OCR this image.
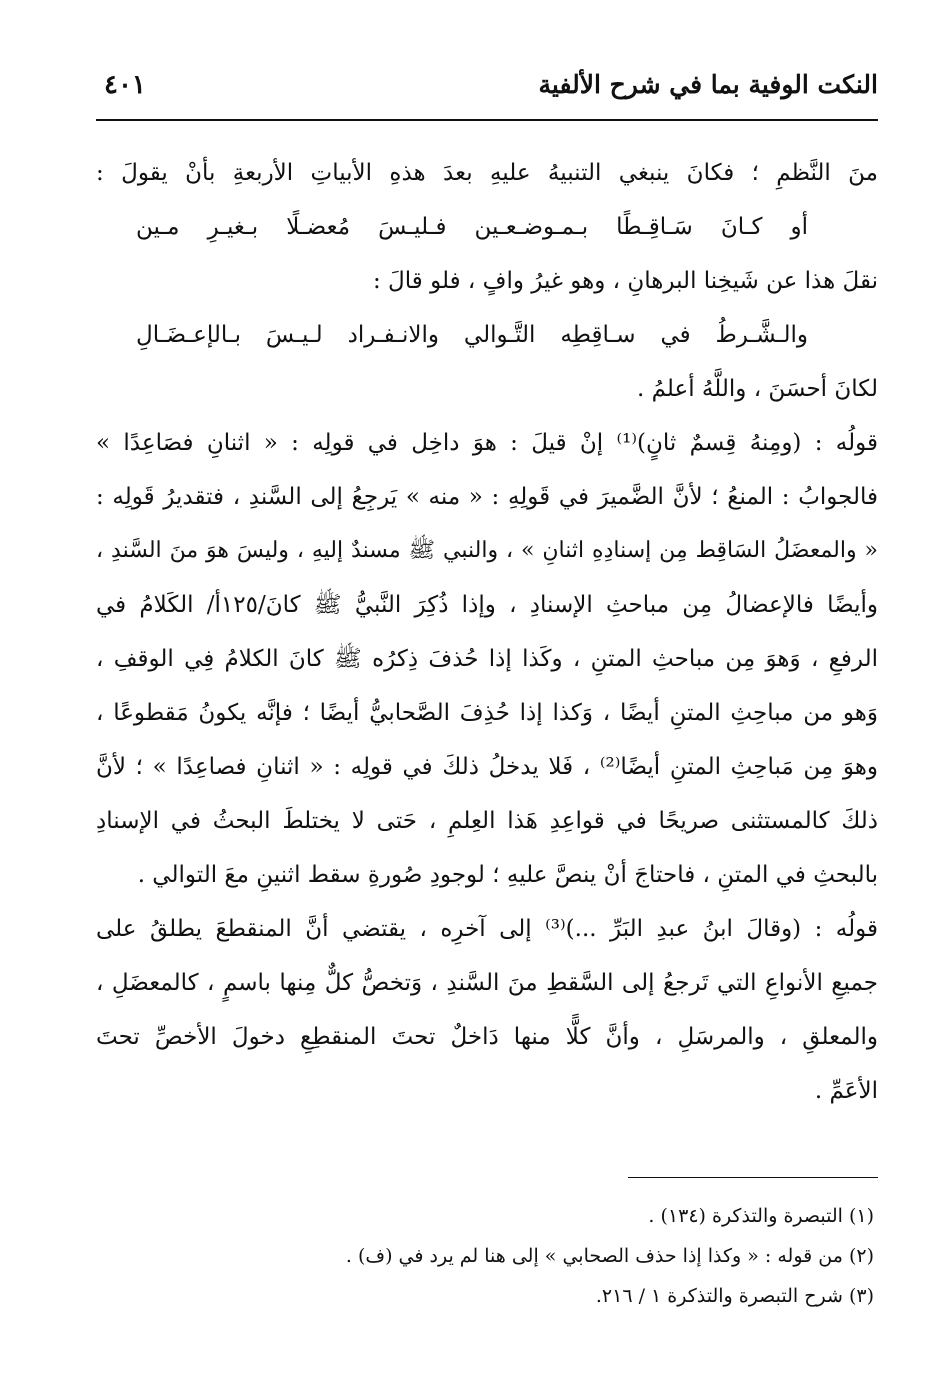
النكت الوفية بما في شرح الألفية
٤٠١
منَ النَّظمِ ؛ فكانَ ينبغي التنبيهُ عليهِ بعدَ هذهِ الأبياتِ الأربعةِ بأنْ يقولَ :
أو كـانَ سَـاقِـطًا بـمـوضـعـين فـليـسَ مُعضـلًا بـغيـرِ مـين
نقلَ هذا عن شَيخِنا البرهانِ ، وهو غيرُ وافٍ ، فلو قالَ :
والـشَّـرطُ في سـاقِطِه التَّـوالي والانـفـراد لـيـسَ بـالإعـضَـالِ
لكانَ أحسَنَ ، واللَّهُ أعلمُ .
قولُه : (ومِنهُ قِسمٌ ثانٍ)⁽¹⁾ إنْ قيلَ : هوَ داخِل في قولِه : « اثنانِ فصَاعِدًا »
فالجوابُ : المنعُ ؛ لأنَّ الضَّميرَ في قَولِهِ : « منه » يَرجِعُ إلى السَّندِ ، فتقديرُ قَولِه :
« والمعضَلُ السَاقِط مِن إسنادِهِ اثنانِ » ، والنبي ﷺ مسندٌ إليهِ ، وليسَ هوَ منَ السَّندِ ،
وأيضًا فالإعضالُ مِن مباحثِ الإسنادِ ، وإذا ذُكِرَ النَّبيُّ ﷺ كانَ/١٢٥أ/ الكَلامُ في
الرفعِ ، وَهوَ مِن مباحثِ المتنِ ، وكَذا إذا حُذفَ ذِكرُه ﷺ كانَ الكلامُ فِي الوقفِ ،
وَهو من مباحِثِ المتنِ أيضًا ، وَكذا إذا حُذِفَ الصَّحابيُّ أيضًا ؛ فإنَّه يكونُ مَقطوعًا ،
وهوَ مِن مَباحِثِ المتنِ أيضًا⁽²⁾ ، فَلا يدخلُ ذلكَ في قولِه : « اثنانِ فصاعِدًا » ؛ لأنَّ
ذلكَ كالمستثنى صريحًا في قواعِدِ هَذا العِلمِ ، حَتى لا يختلطَ البحثُ في الإسنادِ
بالبحثِ في المتنِ ، فاحتاجَ أنْ ينصَّ عليهِ ؛ لوجودِ صُورةِ سقط اثنينِ معَ التوالي .
قولُه : (وقالَ ابنُ عبدِ البَرِّ ...)⁽³⁾ إلى آخرِه ، يقتضي أنَّ المنقطعَ يطلقُ على
جميعِ الأنواعِ التي تَرجعُ إلى السَّقطِ منَ السَّندِ ، وَتخصُّ كلٌّ مِنها باسمٍ ، كالمعضَلِ ،
والمعلقِ ، والمرسَلِ ، وأنَّ كلًّا منها دَاخلٌ تحتَ المنقطِعِ دخولَ الأخصِّ تحتَ
الأعَمِّ .
(١) التبصرة والتذكرة (١٣٤) .
(٢) من قوله : « وكذا إذا حذف الصحابي » إلى هنا لم يرد في (ف) .
(٣) شرح التبصرة والتذكرة ١ / ٢١٦.
